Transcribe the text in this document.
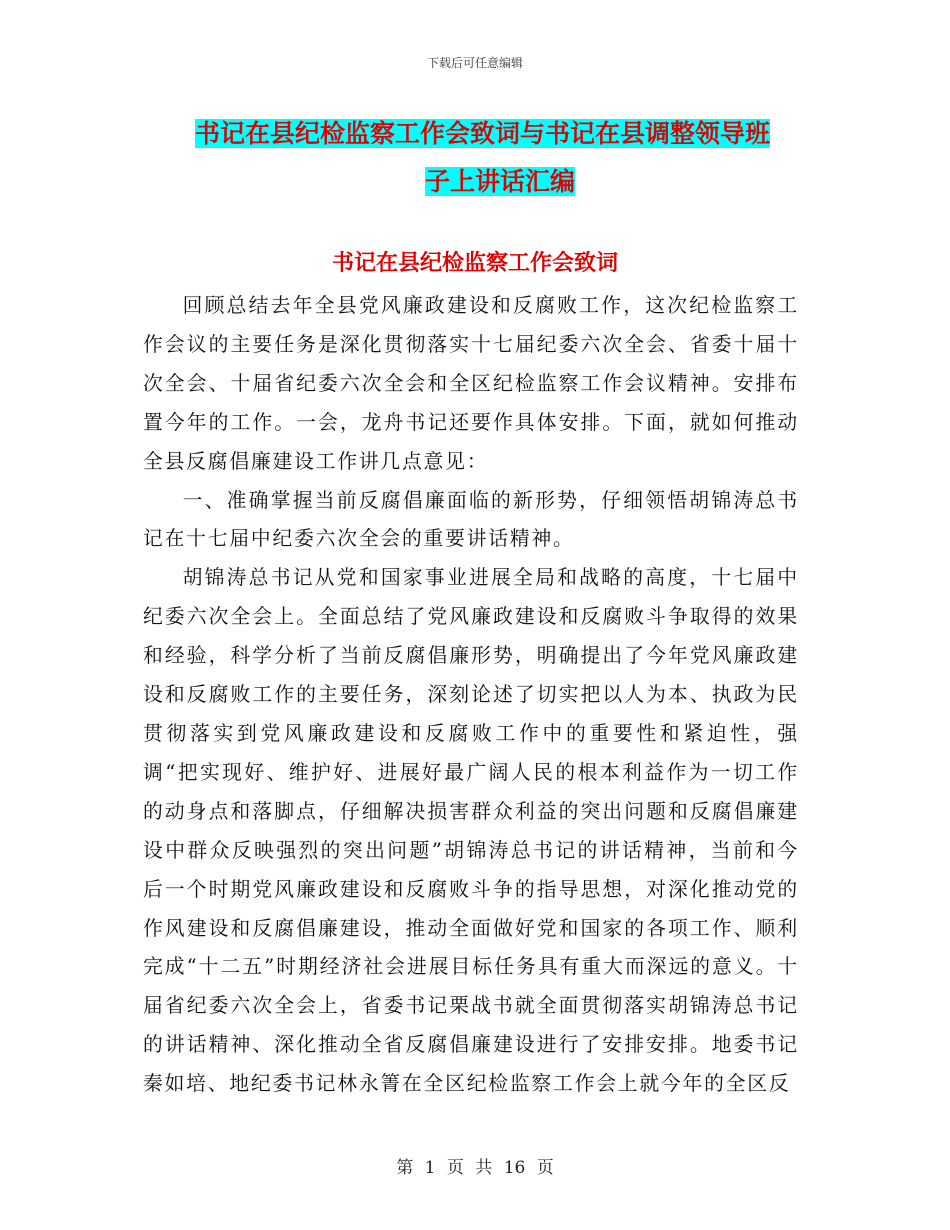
下载后可任意编辑
书记在县纪检监察工作会致词与书记在县调整领导班
子上讲话汇编
书记在县纪检监察工作会致词

回顾总结去年全县党风廉政建设和反腐败工作，这次纪检监察工作会议的主要任务是深化贯彻落实十七届纪委六次全会、省委十届十次全会、十届省纪委六次全会和全区纪检监察工作会议精神。安排布置今年的工作。一会，龙舟书记还要作具体安排。下面，就如何推动全县反腐倡廉建设工作讲几点意见：

一、准确掌握当前反腐倡廉面临的新形势，仔细领悟胡锦涛总书记在十七届中纪委六次全会的重要讲话精神。

胡锦涛总书记从党和国家事业进展全局和战略的高度，十七届中纪委六次全会上。全面总结了党风廉政建设和反腐败斗争取得的效果和经验，科学分析了当前反腐倡廉形势，明确提出了今年党风廉政建设和反腐败工作的主要任务，深刻论述了切实把以人为本、执政为民贯彻落实到党风廉政建设和反腐败工作中的重要性和紧迫性，强调“把实现好、维护好、进展好最广阔人民的根本利益作为一切工作的动身点和落脚点，仔细解决损害群众利益的突出问题和反腐倡廉建设中群众反映强烈的突出问题”胡锦涛总书记的讲话精神，当前和今后一个时期党风廉政建设和反腐败斗争的指导思想，对深化推动党的作风建设和反腐倡廉建设，推动全面做好党和国家的各项工作、顺利完成“十二五”时期经济社会进展目标任务具有重大而深远的意义。十届省纪委六次全会上，省委书记栗战书就全面贯彻落实胡锦涛总书记的讲话精神、深化推动全省反腐倡廉建设进行了安排安排。地委书记秦如培、地纪委书记林永箐在全区纪检监察工作会上就今年的全区反

第 1 页 共 16 页
